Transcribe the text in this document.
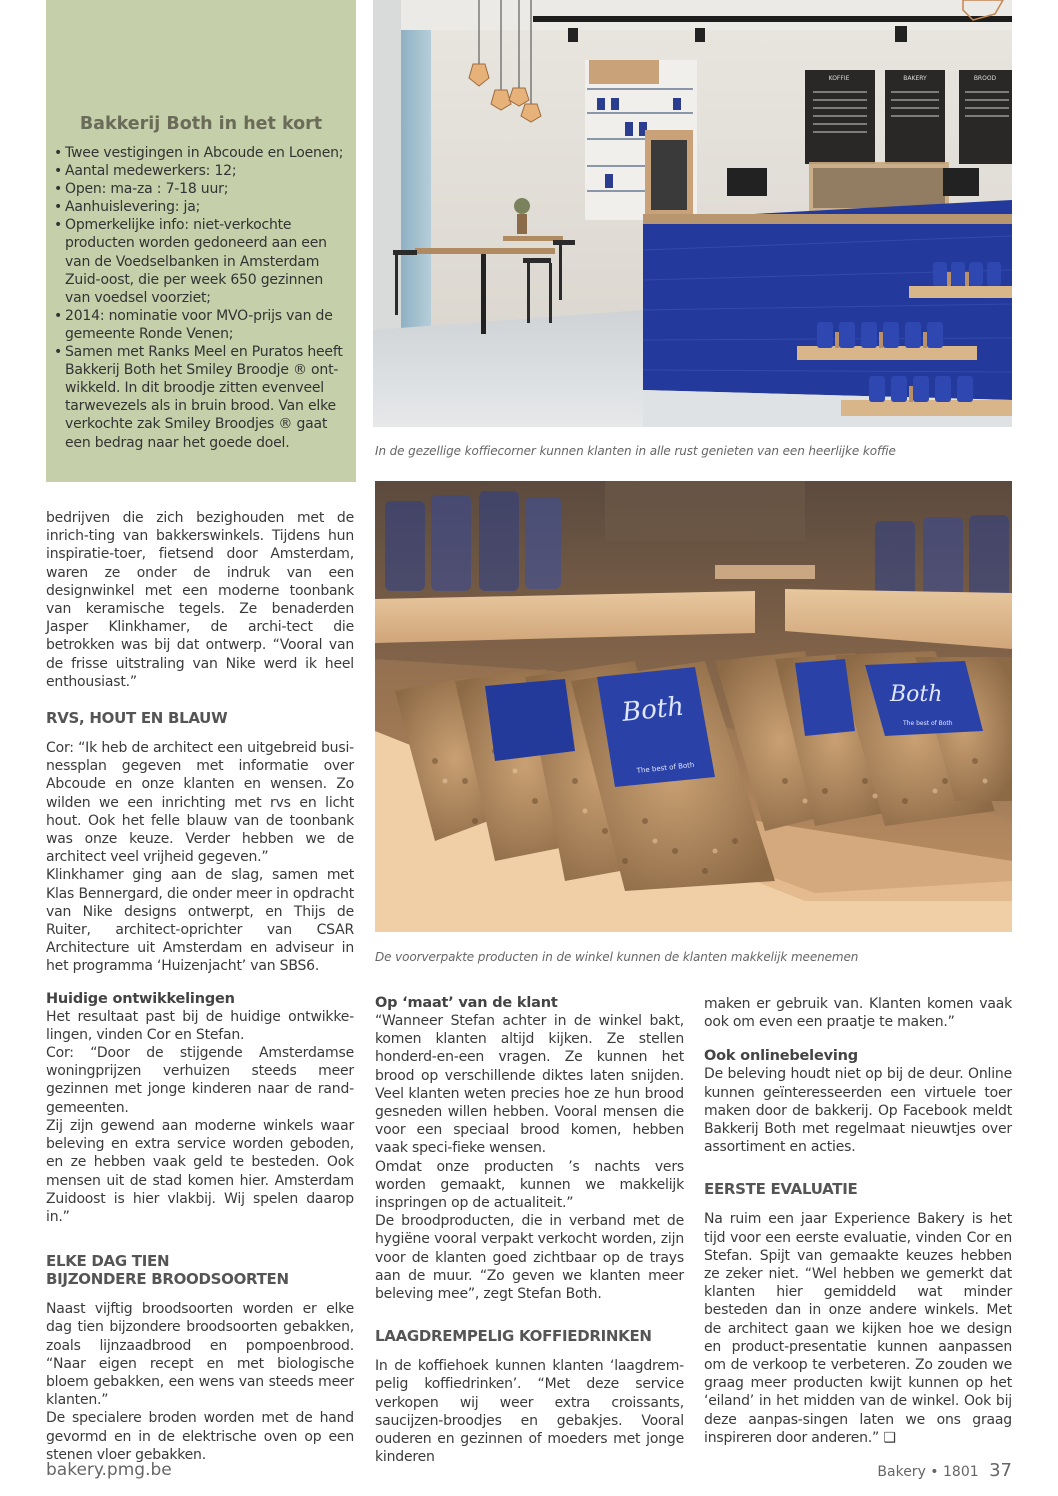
Bakkerij Both in het kort
• Twee vestigingen in Abcoude en Loenen;
• Aantal medewerkers: 12;
• Open: ma-za : 7-18 uur;
• Aanhuislevering: ja;
• Opmerkelijke info: niet-verkochte producten worden gedoneerd aan een van de Voedselbanken in Amsterdam Zuid-oost, die per week 650 gezinnen van voedsel voorziet;
• 2014: nominatie voor MVO-prijs van de gemeente Ronde Venen;
• Samen met Ranks Meel en Puratos heeft Bakkerij Both het Smiley Broodje ® ont-wikkeld. In dit broodje zitten evenveel tarwevezels als in bruin brood. Van elke verkochte zak Smiley Broodjes ® gaat een bedrag naar het goede doel.
KOFFIE	BAKERY	BROOD
In de gezellige koffiecorner kunnen klanten in alle rust genieten van een heerlijke koffie
Both	Both
The best of Both
The best of Both
De voorverpakte producten in de winkel kunnen de klanten makkelijk meenemen

bedrijven die zich bezighouden met de inrich-ting van bakkerswinkels. Tijdens hun inspiratie-toer, fietsend door Amsterdam, waren ze onder de indruk van een designwinkel met een moderne toonbank van keramische tegels. Ze benaderden Jasper Klinkhamer, de archi-tect die betrokken was bij dat ontwerp. “Vooral van de frisse uitstraling van Nike werd ik heel enthousiast.”

RVS, HOUT EN BLAUW

Cor: “Ik heb de architect een uitgebreid busi-nessplan gegeven met informatie over Abcoude en onze klanten en wensen. Zo wilden we een inrichting met rvs en licht hout. Ook het felle blauw van de toonbank was onze keuze. Verder hebben we de architect veel vrijheid gegeven.”

Klinkhamer ging aan de slag, samen met Klas Bennergard, die onder meer in opdracht van Nike designs ontwerpt, en Thijs de Ruiter, architect-oprichter van CSAR Architecture uit Amsterdam en adviseur in het programma ‘Huizenjacht’ van SBS6.

Huidige ontwikkelingen

Het resultaat past bij de huidige ontwikke-lingen, vinden Cor en Stefan.

Cor: “Door de stijgende Amsterdamse woningprijzen verhuizen steeds meer gezinnen met jonge kinderen naar de rand-gemeenten.

Zij zijn gewend aan moderne winkels waar beleving en extra service worden geboden, en ze hebben vaak geld te besteden. Ook mensen uit de stad komen hier. Amsterdam Zuidoost is hier vlakbij. Wij spelen daarop in.”

ELKE DAG TIEN

BIJZONDERE BROODSOORTEN

Naast vijftig broodsoorten worden er elke dag tien bijzondere broodsoorten gebakken, zoals lijnzaadbrood en pompoenbrood. “Naar eigen recept en met biologische bloem gebakken, een wens van steeds meer klanten.”

De specialere broden worden met de hand gevormd en in de elektrische oven op een stenen vloer gebakken.

Op ‘maat’ van de klant

“Wanneer Stefan achter in de winkel bakt, komen klanten altijd kijken. Ze stellen honderd-en-een vragen. Ze kunnen het brood op verschillende diktes laten snijden. Veel klanten weten precies hoe ze hun brood gesneden willen hebben. Vooral mensen die voor een speciaal brood komen, hebben vaak speci-fieke wensen.

Omdat onze producten ’s nachts vers worden gemaakt, kunnen we makkelijk inspringen op de actualiteit.”

De broodproducten, die in verband met de hygiëne vooral verpakt verkocht worden, zijn voor de klanten goed zichtbaar op de trays aan de muur. “Zo geven we klanten meer beleving mee”, zegt Stefan Both.

LAAGDREMPELIG KOFFIEDRINKEN

In de koffiehoek kunnen klanten ‘laagdrem-pelig koffiedrinken’. “Met deze service verkopen wij weer extra croissants, saucijzen-broodjes en gebakjes. Vooral ouderen en gezinnen of moeders met jonge kinderen

maken er gebruik van. Klanten komen vaak ook om even een praatje te maken.”

Ook onlinebeleving

De beleving houdt niet op bij de deur. Online kunnen geïnteresseerden een virtuele toer maken door de bakkerij. Op Facebook meldt Bakkerij Both met regelmaat nieuwtjes over assortiment en acties.

EERSTE EVALUATIE

Na ruim een jaar Experience Bakery is het tijd voor een eerste evaluatie, vinden Cor en Stefan. Spijt van gemaakte keuzes hebben ze zeker niet. “Wel hebben we gemerkt dat klanten hier gemiddeld wat minder besteden dan in onze andere winkels. Met de architect gaan we kijken hoe we design en product-presentatie kunnen aanpassen om de verkoop te verbeteren. Zo zouden we graag meer producten kwijt kunnen op het ‘eiland’ in het midden van de winkel. Ook bij deze aanpas-singen laten we ons graag inspireren door anderen.” ❑

bakery.pmg.be	Bakery • 1801 37
